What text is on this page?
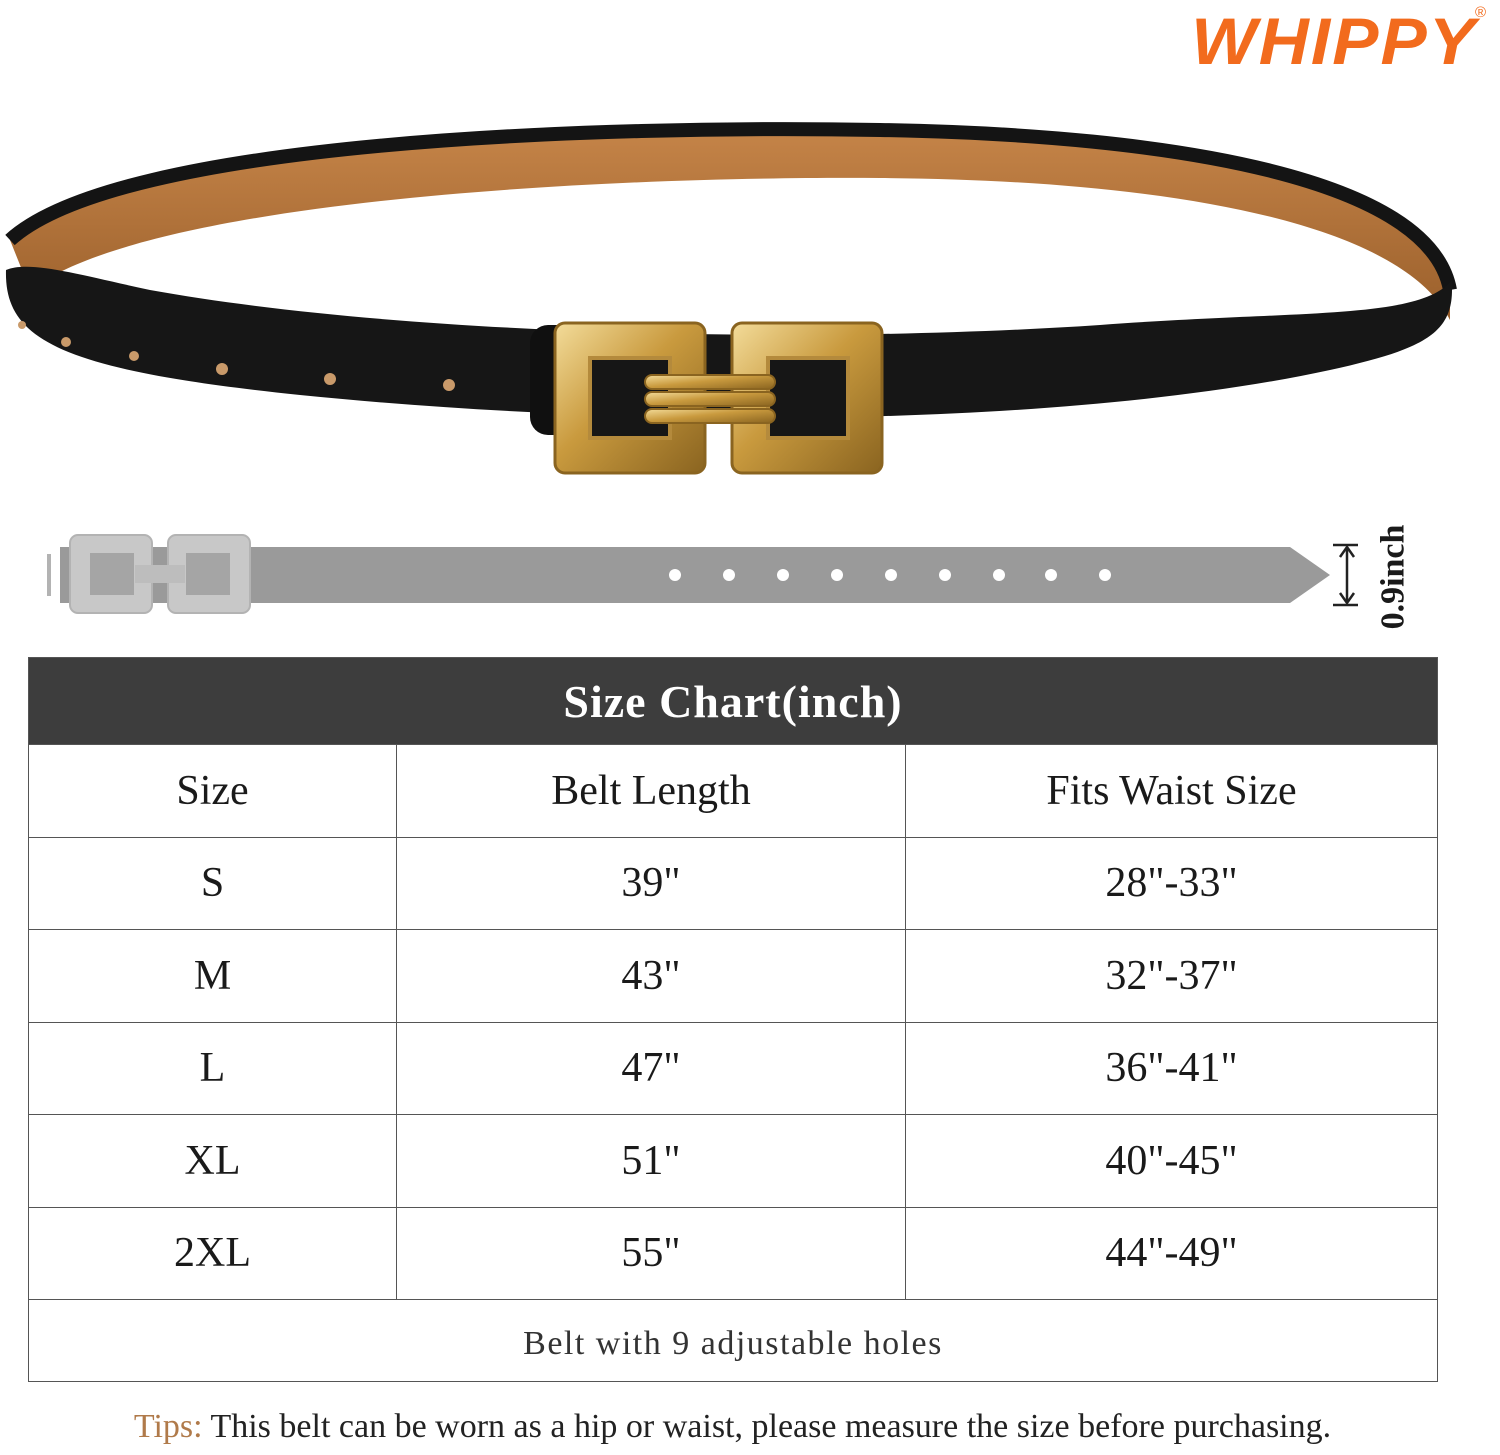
WHIPPY
®
0.9inch
Size Chart(inch)
Size	Belt Length	Fits Waist Size
S	39"	28"-33"
M	43"	32"-37"
L	47"	36"-41"
XL	51"	40"-45"
2XL	55"	44"-49"
Belt with 9 adjustable holes
Tips: This belt can be worn as a hip or waist, please measure the size before purchasing.
